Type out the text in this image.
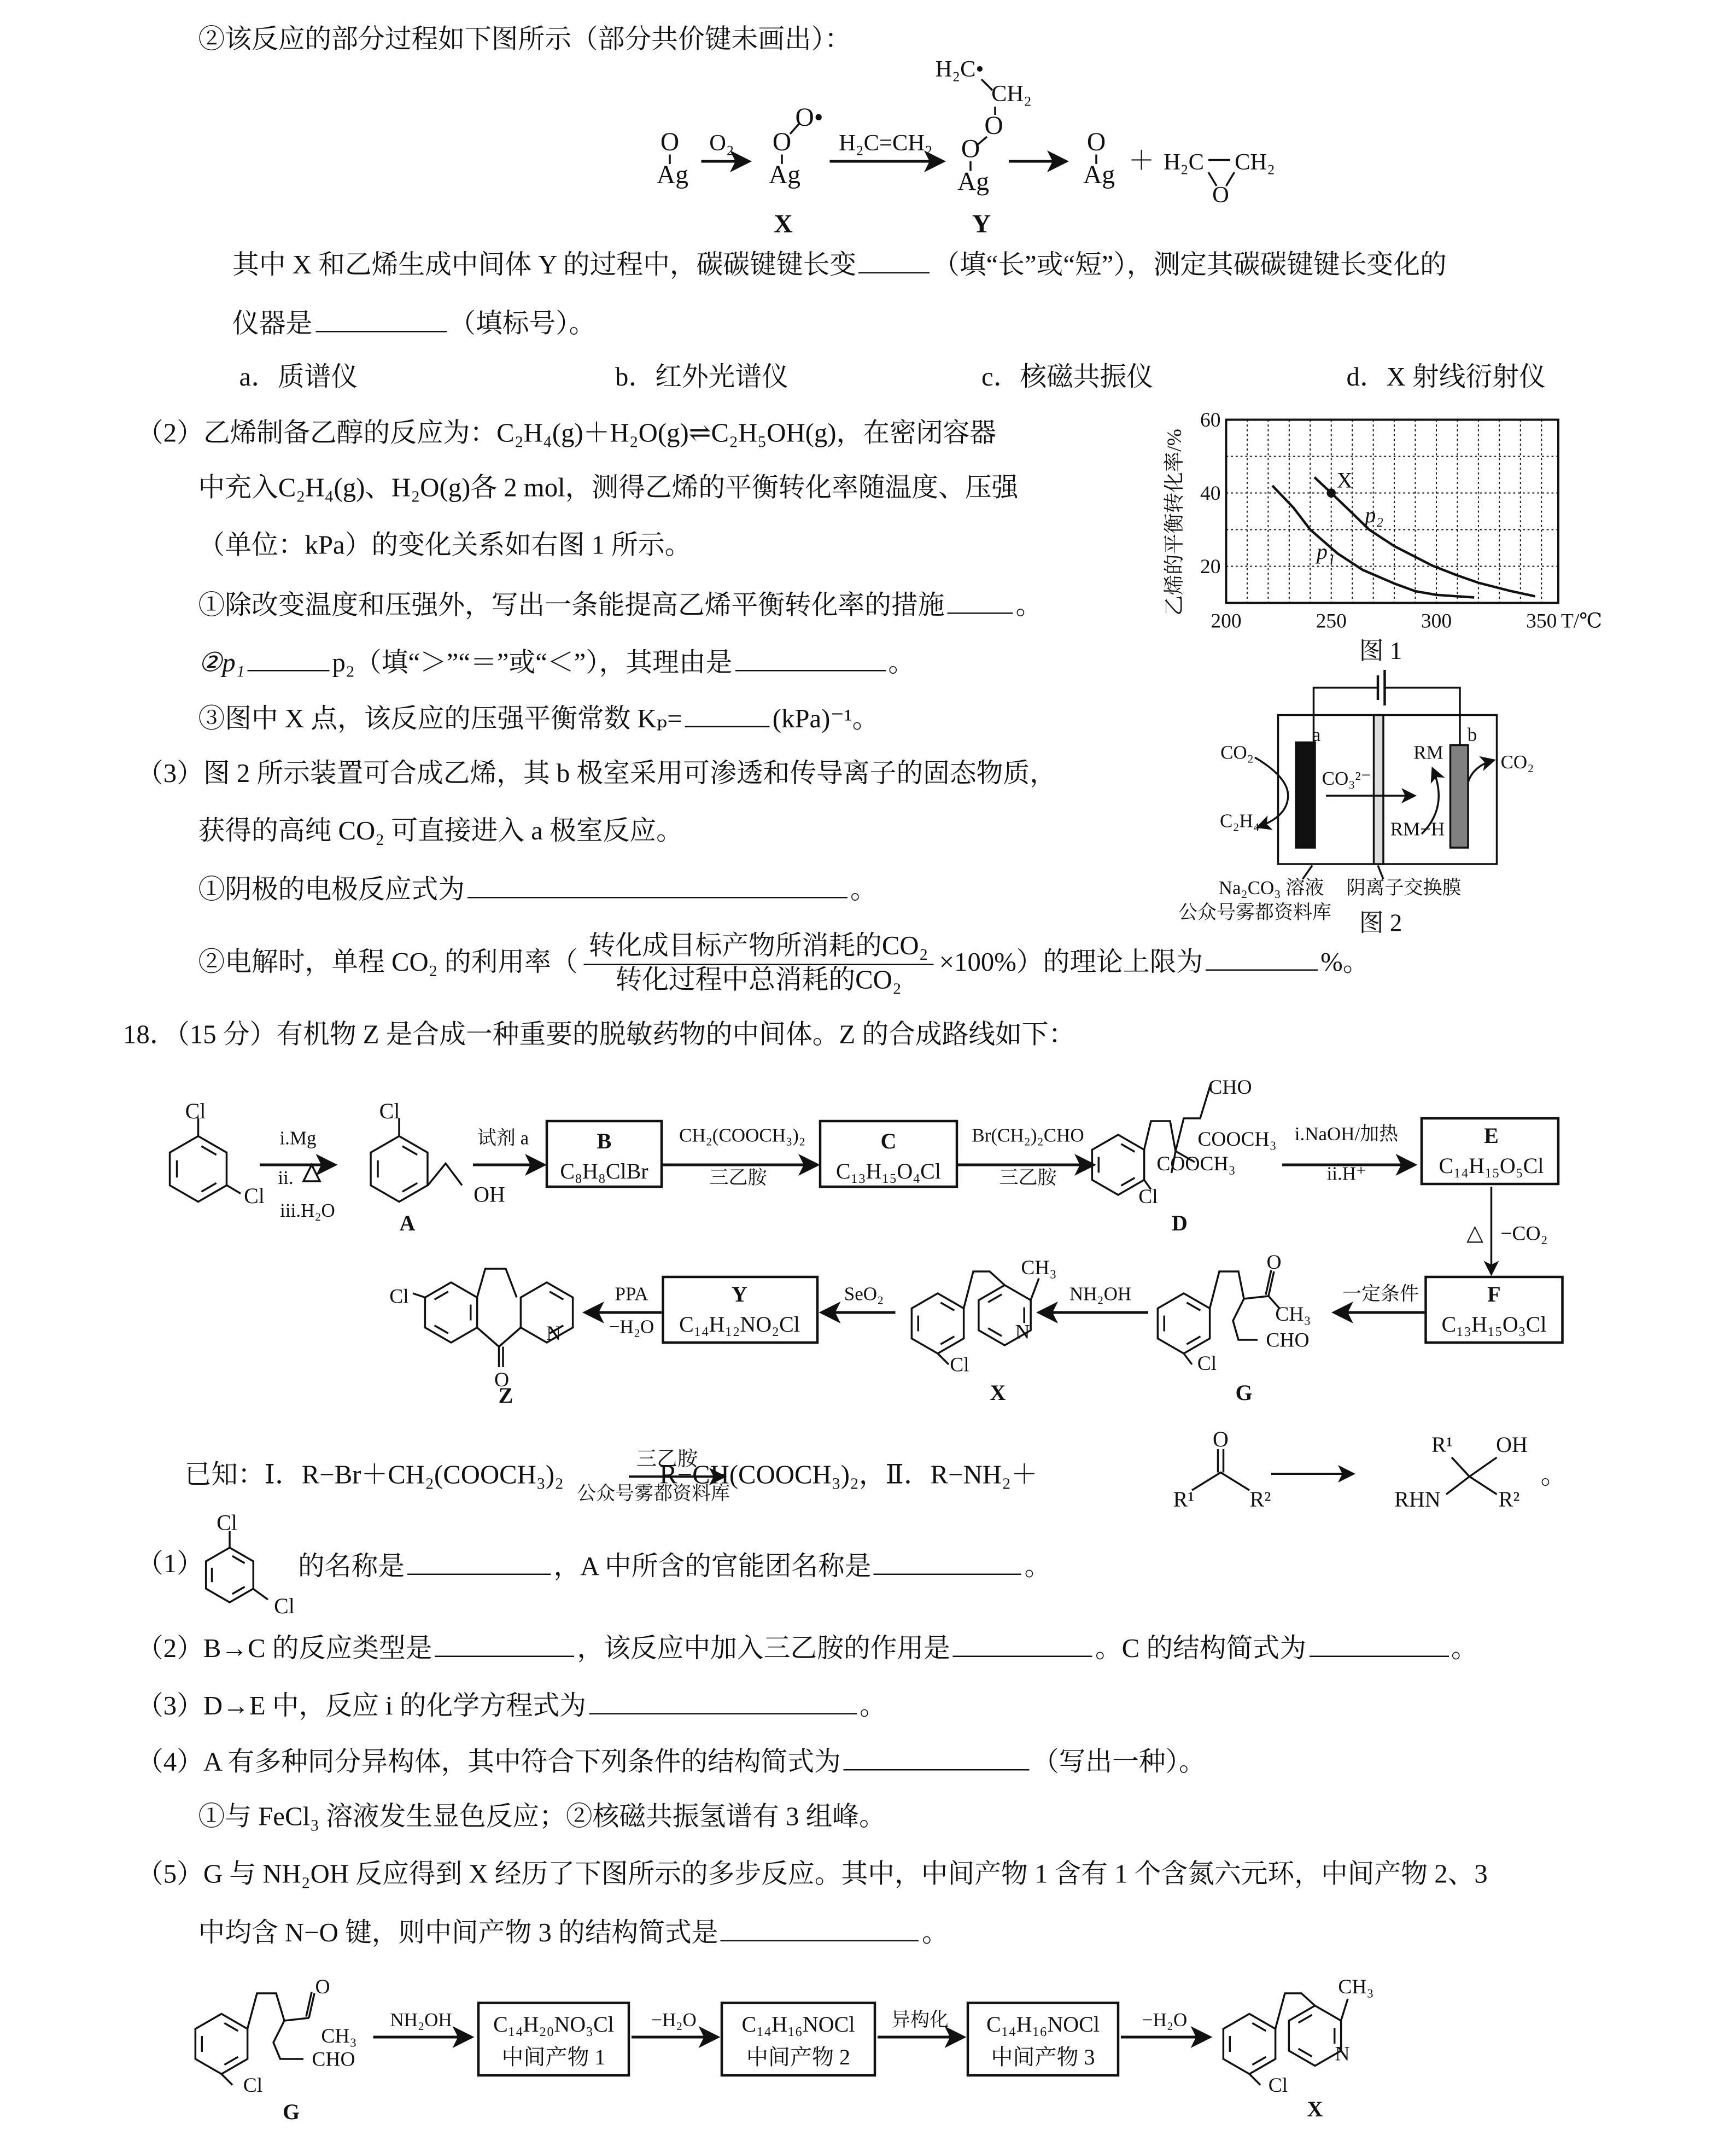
②该反应的部分过程如下图所示（部分共价键未画出）：
其中 X 和乙烯生成中间体 Y 的过程中，碳碳键键长变	（填“长”或“短”），测定其碳碳键键长变化的
仪器是	（填标号）。
a．质谱仪	b．红外光谱仪	c．核磁共振仪	d．X 射线衍射仪
（2）乙烯制备乙醇的反应为：C₂H₄(g)＋H₂O(g)⇌C₂H₅OH(g)，在密闭容器
中充入C₂H₄(g)、H₂O(g)各 2 mol，测得乙烯的平衡转化率随温度、压强
（单位：kPa）的变化关系如右图 1 所示。
①除改变温度和压强外，写出一条能提高乙烯平衡转化率的措施	。
②p₁	p₂（填“＞”“＝”或“＜”），其理由是	。
③图中 X 点，该反应的压强平衡常数 Kₚ=	(kPa)⁻¹。
（3）图 2 所示装置可合成乙烯，其 b 极室采用可渗透和传导离子的固态物质，
获得的高纯 CO₂ 可直接进入 a 极室反应。
①阴极的电极反应式为	。
②电解时，单程 CO₂ 的利用率（ $\frac{\text{转化成目标产物所消耗的CO₂}}{\text{转化过程中总消耗的CO₂}} \times 100\%$）的理论上限为	%。
18．（15 分）有机物 Z 是合成一种重要的脱敏药物的中间体。Z 的合成路线如下：
已知：Ⅰ．R−Br＋CH₂(COOCH₃)₂	R−CH(COOCH₃)₂，Ⅱ．R−NH₂＋	。
（1）	的名称是	，A 中所含的官能团名称是	。
（2）B→C 的反应类型是	，该反应中加入三乙胺的作用是	。C 的结构简式为	。
（3）D→E 中，反应 i 的化学方程式为	。
（4）A 有多种同分异构体，其中符合下列条件的结构简式为	（写出一种）。
①与 FeCl₃ 溶液发生显色反应；②核磁共振氢谱有 3 组峰。
（5）G 与 NH₂OH 反应得到 X 经历了下图所示的多步反应。其中，中间产物 1 含有 1 个含氮六元环，中间产物 2、3
中均含 N−O 键，则中间产物 3 的结构简式是	。
O
Ag
O₂	O
O•
Ag
X
H₂C=CH₂
H₂C•
CH₂
O
O
Ag
Y
O
Ag ＋ H₂C	CH₂
O
p₁
p₂
X
200	250	300	350
20
40
60
T/℃
乙烯的平衡转化率/%
图 1
a	b
CO₂
C₂H₄
CO₃²⁻
RM	CO₂
RM−H
Na₂CO₃ 溶液	阴离子交换膜
公众号雾都资料库	图 2
Cl
Cl
i.Mg
ii.
iii.H₂O
Cl
OH
A
试剂 a	B
C₈H₈ClBr
CH₂(COOCH₃)₂
三乙胺
C
C₁₃H₁₅O₄Cl
Br(CH₂)₂CHO
三乙胺
CHO
COOCH₃
COOCH₃
Cl
D
i.NaOH/加热
ii.H⁺
E
C₁₄H₁₅O₅Cl
△ −CO₂
F
C₁₃H₁₅O₃Cl
一定条件
O
CH₃
CHO
Cl
G
NH₂OH
CH₃
N
Cl
X
SeO₂
Y
C₁₄H₁₂NO₂Cl
PPA
−H₂O
Cl
N
O
Z
三乙胺
公众号雾都资料库
O
R¹	R²
R¹	OH
RHN	R²
Cl
Cl
O
CH₃
CHO
Cl
G
NH₂OH	C₁₄H₂₀NO₃Cl
中间产物 1
−H₂O	C₁₄H₁₆NOCl
中间产物 2
异构化	C₁₄H₁₆NOCl
中间产物 3
−H₂O
CH₃
N
Cl
X
